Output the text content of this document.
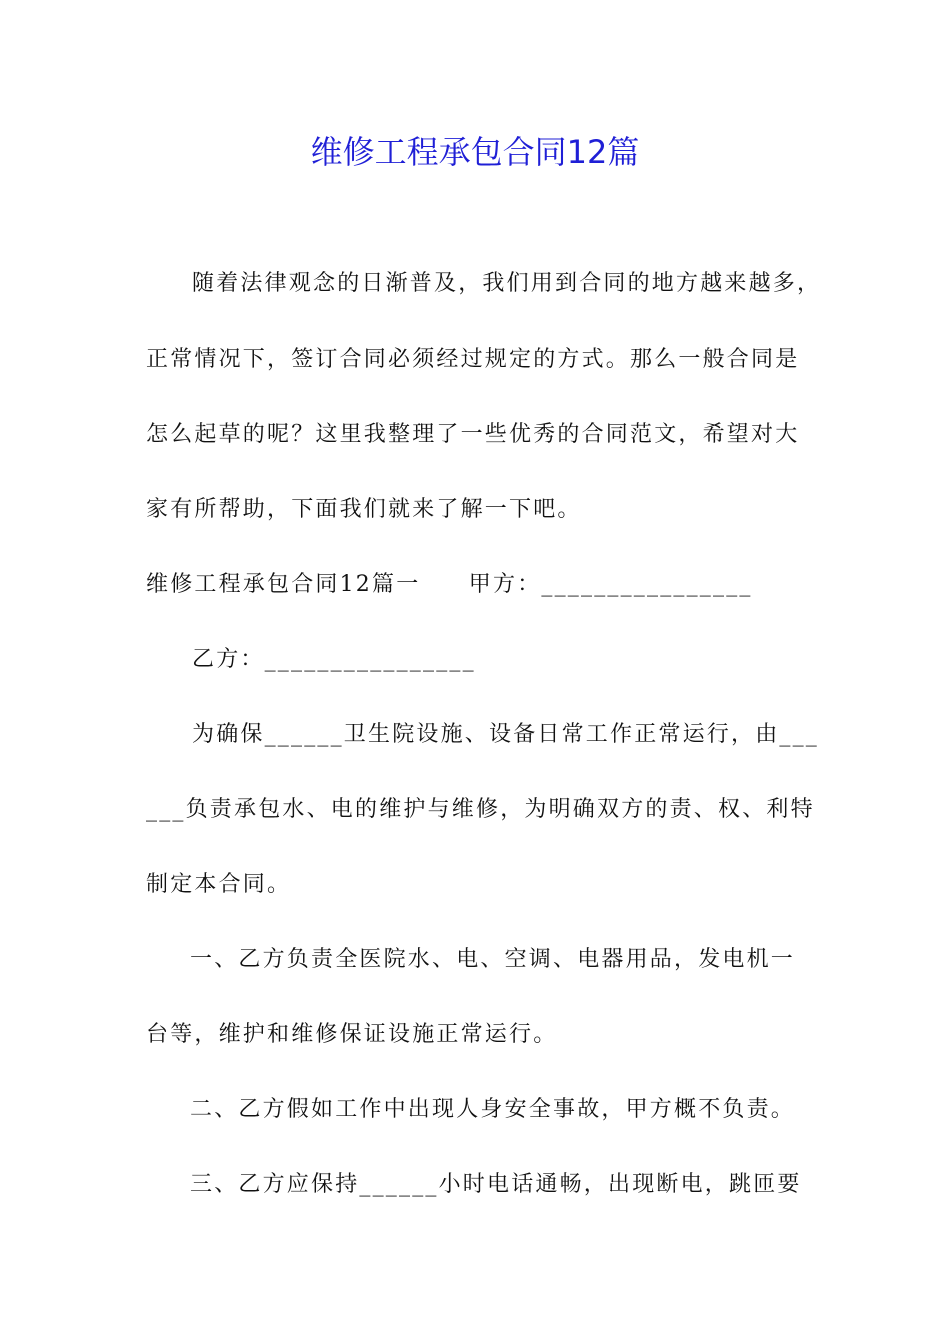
维修工程承包合同12篇
随着法律观念的日渐普及，我们用到合同的地方越来越多，
正常情况下，签订合同必须经过规定的方式。那么一般合同是
怎么起草的呢？这里我整理了一些优秀的合同范文，希望对大
家有所帮助，下面我们就来了解一下吧。
维修工程承包合同12篇一　　甲方：________________
乙方：________________
为确保______卫生院设施、设备日常工作正常运行，由___
___负责承包水、电的维护与维修，为明确双方的责、权、利特
制定本合同。
一、乙方负责全医院水、电、空调、电器用品，发电机一
台等，维护和维修保证设施正常运行。
二、乙方假如工作中出现人身安全事故，甲方概不负责。
三、乙方应保持______小时电话通畅，出现断电，跳匝要
